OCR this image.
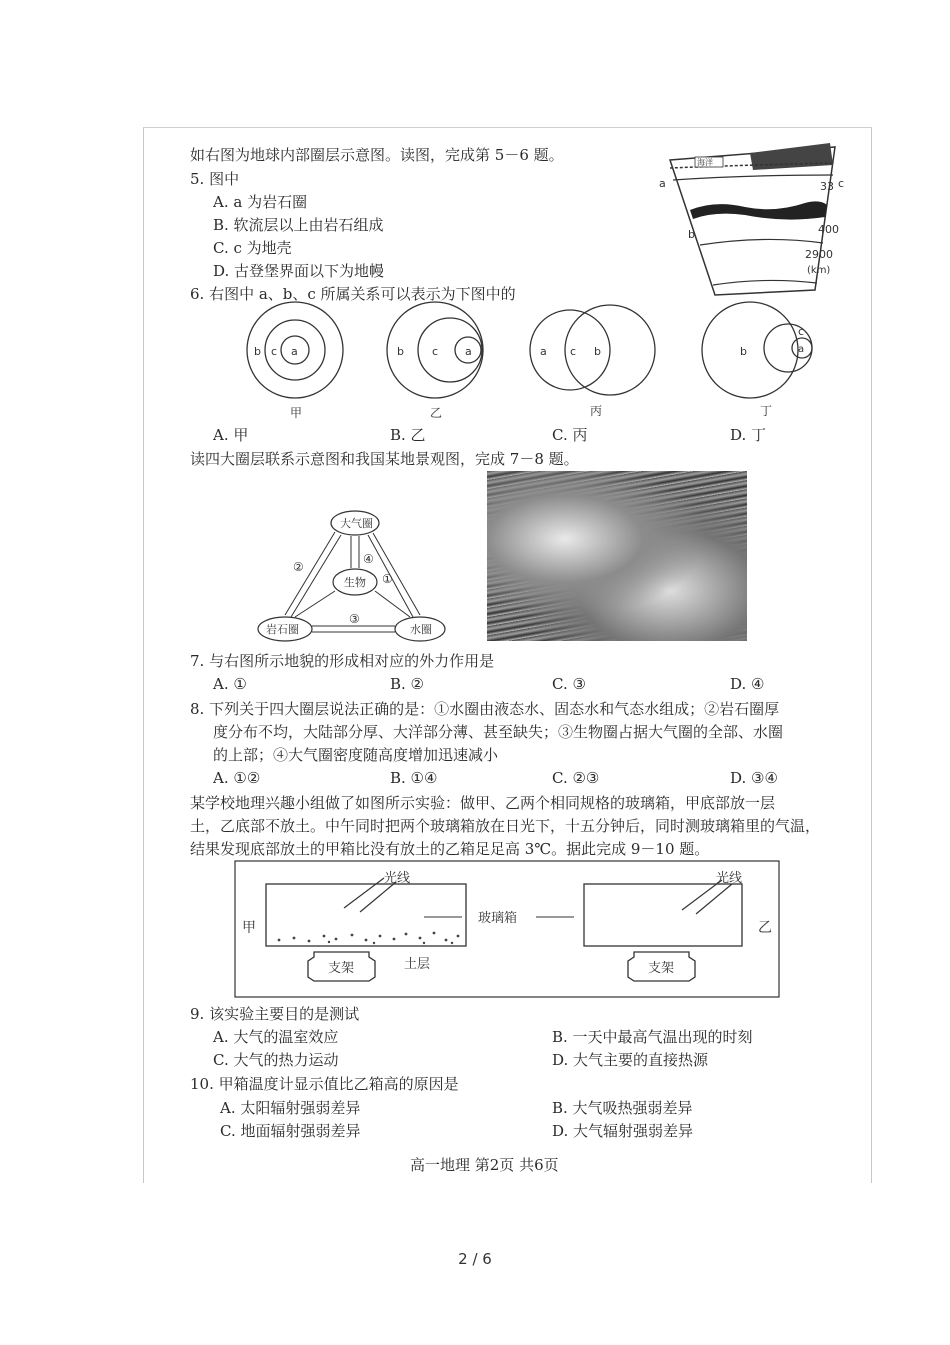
如右图为地球内部圈层示意图。读图，完成第 5－6 题。
5. 图中
A. a 为岩石圈
B. 软流层以上由岩石组成
C. c 为地壳
D. 古登堡界面以下为地幔
海洋
a
b
c
33
400
2900
(km)
6. 右图中 a、b、c 所属关系可以表示为下图中的
b c a	b	c a	a c b	b
c
a
甲	乙	丙	丁
A. 甲	B. 乙	C. 丙	D. 丁
读四大圈层联系示意图和我国某地景观图，完成 7－8 题。
大气圈
生物
岩石圈	水圈
②
④
①
③
7. 与右图所示地貌的形成相对应的外力作用是
A. ①	B. ②	C. ③	D. ④
8. 下列关于四大圈层说法正确的是：①水圈由液态水、固态水和气态水组成；②岩石圈厚
度分布不均，大陆部分厚、大洋部分薄、甚至缺失；③生物圈占据大气圈的全部、水圈
的上部；④大气圈密度随高度增加迅速减小
A. ①②	B. ①④	C. ②③	D. ③④
某学校地理兴趣小组做了如图所示实验：做甲、乙两个相同规格的玻璃箱，甲底部放一层
土，乙底部不放土。中午同时把两个玻璃箱放在日光下，十五分钟后，同时测玻璃箱里的气温，
结果发现底部放土的甲箱比没有放土的乙箱足足高 3℃。据此完成 9－10 题。
光线	光线
玻璃箱
甲	乙
支架	支架
土层
9. 该实验主要目的是测试
A. 大气的温室效应	B. 一天中最高气温出现的时刻
C. 大气的热力运动	D. 大气主要的直接热源
10. 甲箱温度计显示值比乙箱高的原因是
A. 太阳辐射强弱差异	B. 大气吸热强弱差异
C. 地面辐射强弱差异	D. 大气辐射强弱差异
高一地理 第2页 共6页
2 / 6
